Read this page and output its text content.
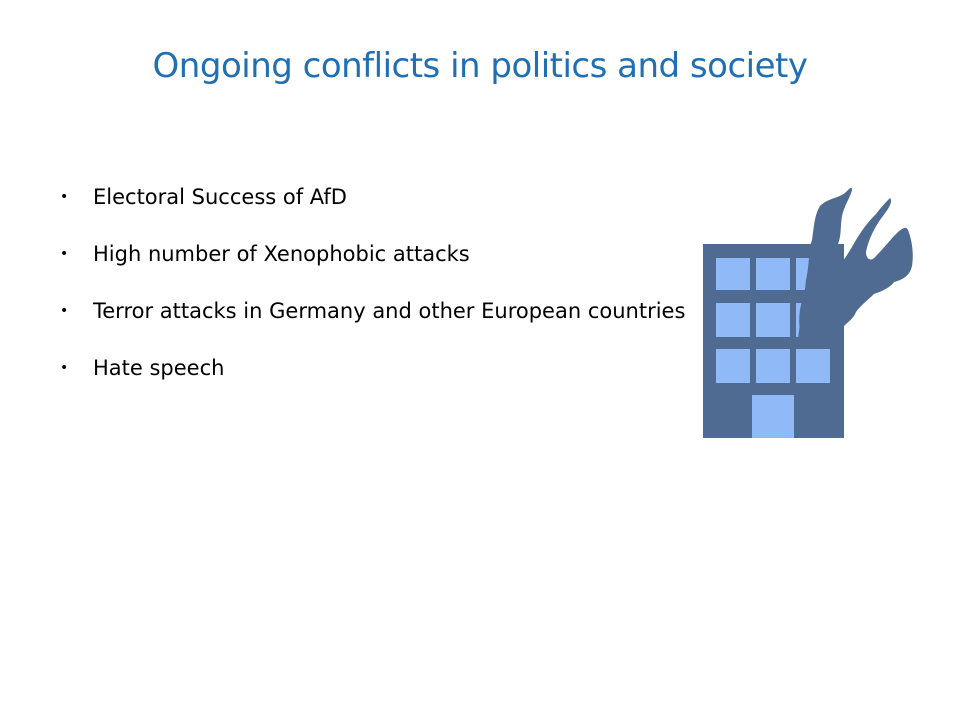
Ongoing conflicts in politics and society
• Electoral Success of AfD
• High number of Xenophobic attacks
• Terror attacks in Germany and other European countries
• Hate speech
